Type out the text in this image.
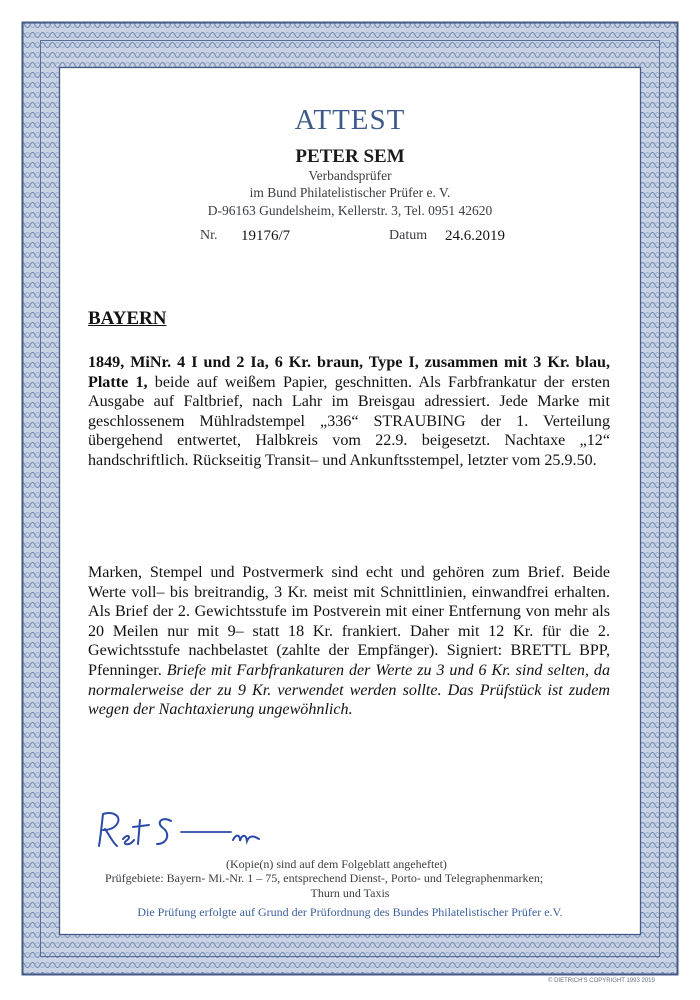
ATTEST
PETER SEM
Verbandsprüfer
im Bund Philatelistischer Prüfer e. V.
D-96163 Gundelsheim, Kellerstr. 3, Tel. 0951 42620
Nr. 19176/7	Datum 24.6.2019
BAYERN
1849, MiNr. 4 I und 2 Ia, 6 Kr. braun, Type I, zusammen mit 3 Kr. blau, Platte 1, beide auf weißem Papier, geschnitten. Als Farbfrankatur der ersten Ausgabe auf Faltbrief, nach Lahr im Breisgau adressiert. Jede Marke mit geschlossenem Mühlradstempel „336“ STRAUBING der 1. Verteilung übergehend entwertet, Halbkreis vom 22.9. beigesetzt. Nachtaxe „12“ handschriftlich. Rückseitig Transit– und Ankunftsstempel, letzter vom 25.9.50.
Marken, Stempel und Postvermerk sind echt und gehören zum Brief. Beide Werte voll– bis breitrandig, 3 Kr. meist mit Schnittlinien, einwandfrei erhalten. Als Brief der 2. Gewichtsstufe im Postverein mit einer Entfernung von mehr als 20 Meilen nur mit 9– statt 18 Kr. frankiert. Daher mit 12 Kr. für die 2. Gewichtsstufe nachbelastet (zahlte der Empfänger). Signiert: BRETTL BPP, Pfenninger. Briefe mit Farbfrankaturen der Werte zu 3 und 6 Kr. sind selten, da normalerweise der zu 9 Kr. verwendet werden sollte. Das Prüfstück ist zudem wegen der Nachtaxierung ungewöhnlich.
(Kopie(n) sind auf dem Folgeblatt angeheftet)
Prüfgebiete: Bayern- Mi.-Nr. 1 – 75, entsprechend Dienst-, Porto- und Telegraphenmarken;
Thurn und Taxis
Die Prüfung erfolgte auf Grund der Prüfordnung des Bundes Philatelistischer Prüfer e.V.
© DIETRICH'S COPYRIGHT 1993 2019
